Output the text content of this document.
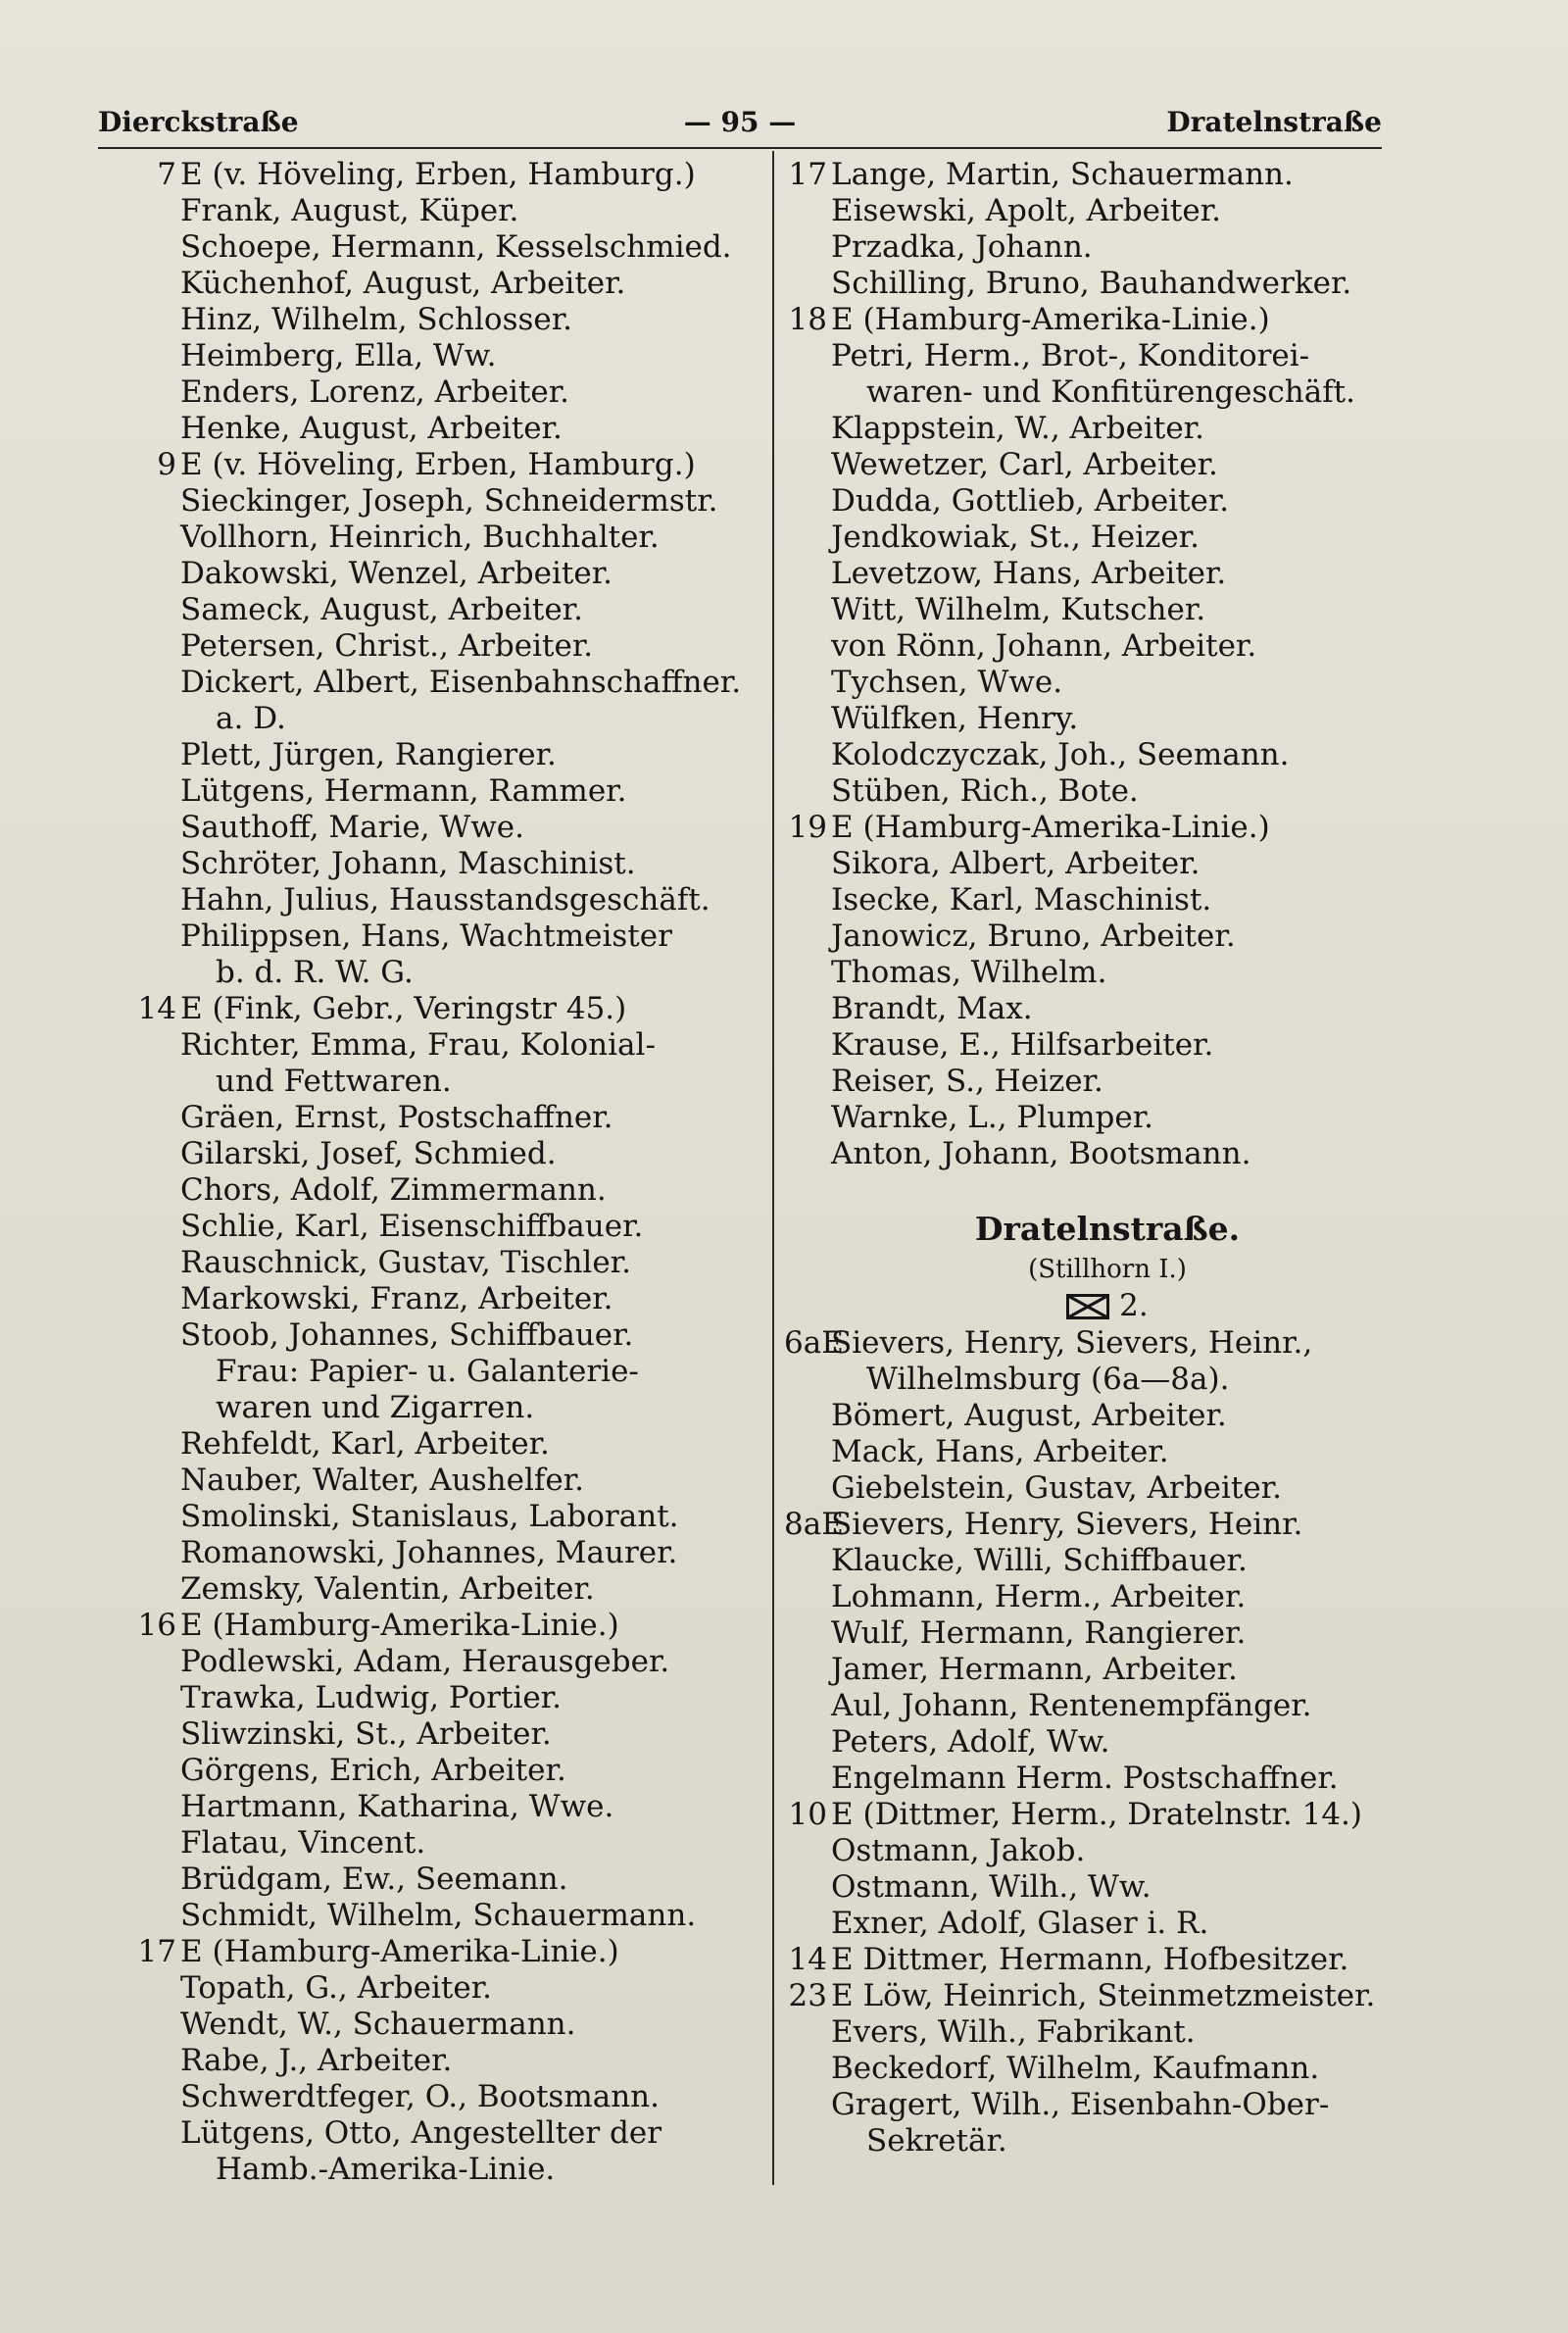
Dierckstraße	— 95 —	Dratelnstraße
7 E (v. Höveling, Erben, Hamburg.)
Frank, August, Küper.
Schoepe, Hermann, Kesselschmied.
Küchenhof, August, Arbeiter.
Hinz, Wilhelm, Schlosser.
Heimberg, Ella, Ww.
Enders, Lorenz, Arbeiter.
Henke, August, Arbeiter.
9 E (v. Höveling, Erben, Hamburg.)
Sieckinger, Joseph, Schneidermstr.
Vollhorn, Heinrich, Buchhalter.
Dakowski, Wenzel, Arbeiter.
Sameck, August, Arbeiter.
Petersen, Christ., Arbeiter.
Dickert, Albert, Eisenbahnschaffner.
a. D.
Plett, Jürgen, Rangierer.
Lütgens, Hermann, Rammer.
Sauthoff, Marie, Wwe.
Schröter, Johann, Maschinist.
Hahn, Julius, Hausstandsgeschäft.
Philippsen, Hans, Wachtmeister
b. d. R. W. G.
14 E (Fink, Gebr., Veringstr 45.)
Richter, Emma, Frau, Kolonial-
und Fettwaren.
Gräen, Ernst, Postschaffner.
Gilarski, Josef, Schmied.
Chors, Adolf, Zimmermann.
Schlie, Karl, Eisenschiffbauer.
Rauschnick, Gustav, Tischler.
Markowski, Franz, Arbeiter.
Stoob, Johannes, Schiffbauer.
Frau: Papier- u. Galanterie-
waren und Zigarren.
Rehfeldt, Karl, Arbeiter.
Nauber, Walter, Aushelfer.
Smolinski, Stanislaus, Laborant.
Romanowski, Johannes, Maurer.
Zemsky, Valentin, Arbeiter.
16 E (Hamburg-Amerika-Linie.)
Podlewski, Adam, Herausgeber.
Trawka, Ludwig, Portier.
Sliwzinski, St., Arbeiter.
Görgens, Erich, Arbeiter.
Hartmann, Katharina, Wwe.
Flatau, Vincent.
Brüdgam, Ew., Seemann.
Schmidt, Wilhelm, Schauermann.
17 E (Hamburg-Amerika-Linie.)
Topath, G., Arbeiter.
Wendt, W., Schauermann.
Rabe, J., Arbeiter.
Schwerdtfeger, O., Bootsmann.
Lütgens, Otto, Angestellter der
Hamb.-Amerika-Linie.
17 Lange, Martin, Schauermann.
Eisewski, Apolt, Arbeiter.
Przadka, Johann.
Schilling, Bruno, Bauhandwerker.
18 E (Hamburg-Amerika-Linie.)
Petri, Herm., Brot-, Konditorei-
waren- und Konfitürengeschäft.
Klappstein, W., Arbeiter.
Wewetzer, Carl, Arbeiter.
Dudda, Gottlieb, Arbeiter.
Jendkowiak, St., Heizer.
Levetzow, Hans, Arbeiter.
Witt, Wilhelm, Kutscher.
von Rönn, Johann, Arbeiter.
Tychsen, Wwe.
Wülfken, Henry.
Kolodczyczak, Joh., Seemann.
Stüben, Rich., Bote.
19 E (Hamburg-Amerika-Linie.)
Sikora, Albert, Arbeiter.
Isecke, Karl, Maschinist.
Janowicz, Bruno, Arbeiter.
Thomas, Wilhelm.
Brandt, Max.
Krause, E., Hilfsarbeiter.
Reiser, S., Heizer.
Warnke, L., Plumper.
Anton, Johann, Bootsmann.
Dratelnstraße.
(Stillhorn I.)
2.
6aE
Sievers, Henry, Sievers, Heinr.,
Wilhelmsburg (6a—8a).
Bömert, August, Arbeiter.
Mack, Hans, Arbeiter.
Giebelstein, Gustav, Arbeiter.
8aE
Sievers, Henry, Sievers, Heinr.
Klaucke, Willi, Schiffbauer.
Lohmann, Herm., Arbeiter.
Wulf, Hermann, Rangierer.
Jamer, Hermann, Arbeiter.
Aul, Johann, Rentenempfänger.
Peters, Adolf, Ww.
Engelmann Herm. Postschaffner.
10 E (Dittmer, Herm., Dratelnstr. 14.)
Ostmann, Jakob.
Ostmann, Wilh., Ww.
Exner, Adolf, Glaser i. R.
14 E Dittmer, Hermann, Hofbesitzer.
23 E Löw, Heinrich, Steinmetzmeister.
Evers, Wilh., Fabrikant.
Beckedorf, Wilhelm, Kaufmann.
Gragert, Wilh., Eisenbahn-Ober-
Sekretär.
